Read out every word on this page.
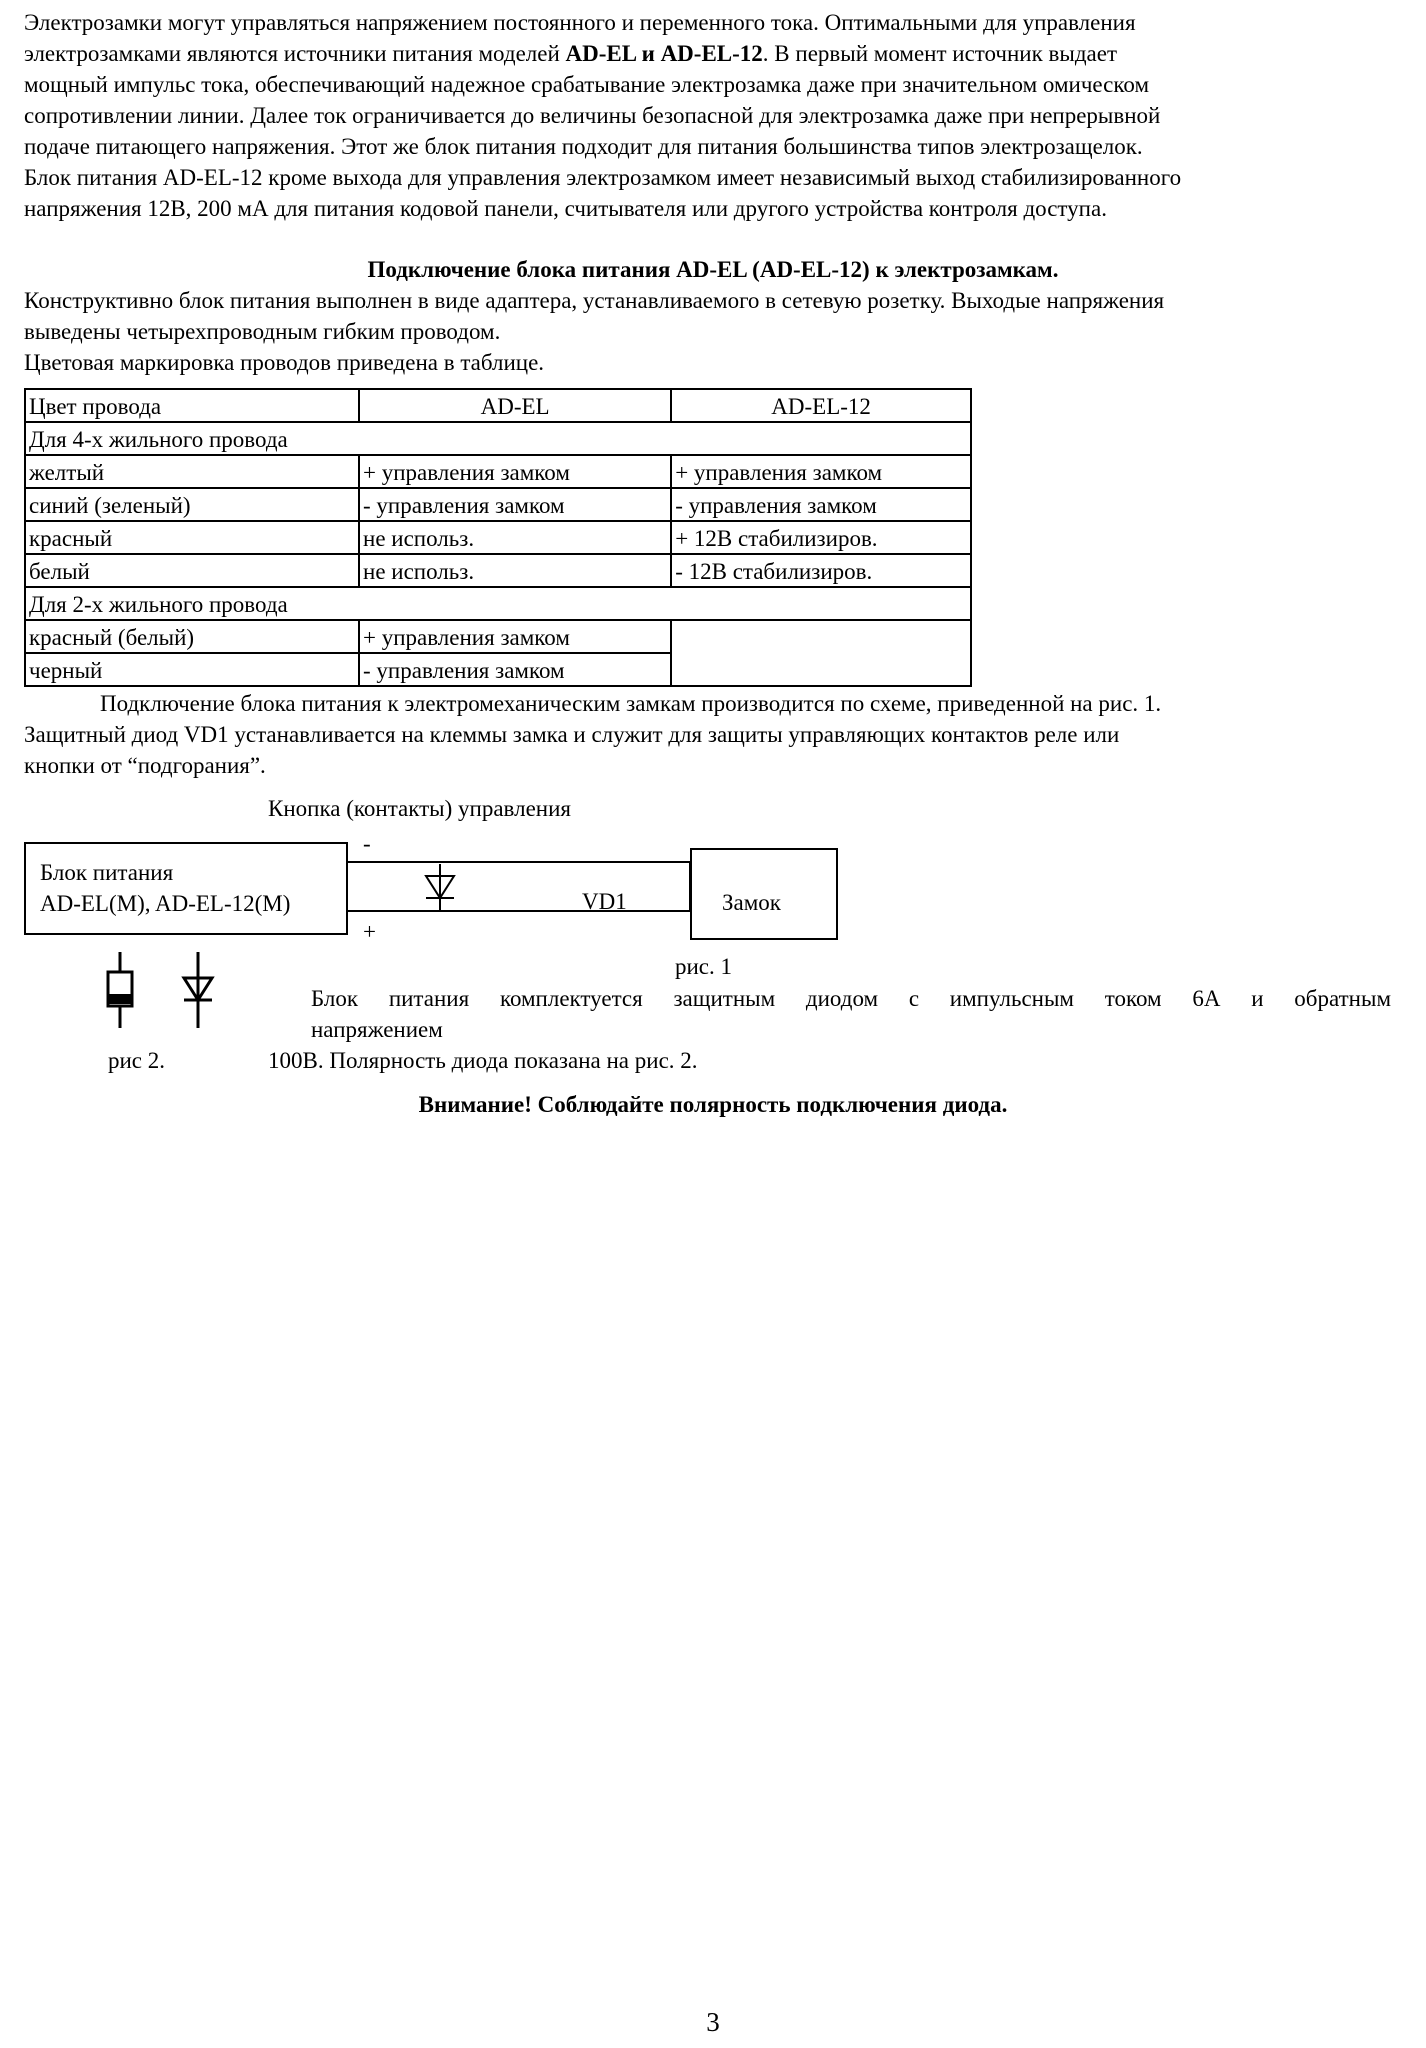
Электрозамки могут управляться напряжением постоянного и переменного тока. Оптимальными для управления
электрозамками являются источники питания моделей AD-EL и AD-EL-12. В первый момент источник выдает
мощный импульс тока, обеспечивающий надежное срабатывание электрозамка даже при значительном омическом
сопротивлении линии. Далее ток ограничивается до величины безопасной для электрозамка даже при непрерывной
подаче питающего напряжения. Этот же блок питания подходит для питания большинства типов электрозащелок.
Блок питания AD-EL-12 кроме выхода для управления электрозамком имеет независимый выход стабилизированного
напряжения 12В, 200 мА для питания кодовой панели, считывателя или другого устройства контроля доступа.
Подключение блока питания AD-EL (AD-EL-12) к электрозамкам.
Конструктивно блок питания выполнен в виде адаптера, устанавливаемого в сетевую розетку. Выходые напряжения
выведены четырехпроводным гибким проводом.
Цветовая маркировка проводов приведена в таблице.
Цвет провода	AD-EL	AD-EL-12
Для 4-х жильного провода		
желтый	+ управления замком	+ управления замком
синий (зеленый)	- управления замком	- управления замком
красный	не использ.	+ 12В стабилизиров.
белый	не использ.	- 12В стабилизиров.
Для 2-х жильного провода		
красный (белый)	+ управления замком	
черный	- управления замком	
Подключение блока питания к электромеханическим замкам производится по схеме, приведенной на рис. 1.
Защитный диод VD1 устанавливается на клеммы замка и служит для защиты управляющих контактов реле или
кнопки от “подгорания”.
Кнопка (контакты) управления
Блок питания
AD-EL(M), AD-EL-12(M)
-
+
VD1	Замок
рис. 1
Блок питания комплектуется защитным диодом с импульсным током 6А и обратным
напряжением
рис 2.	100В. Полярность диода показана на рис. 2.
Внимание! Соблюдайте полярность подключения диода.
3
